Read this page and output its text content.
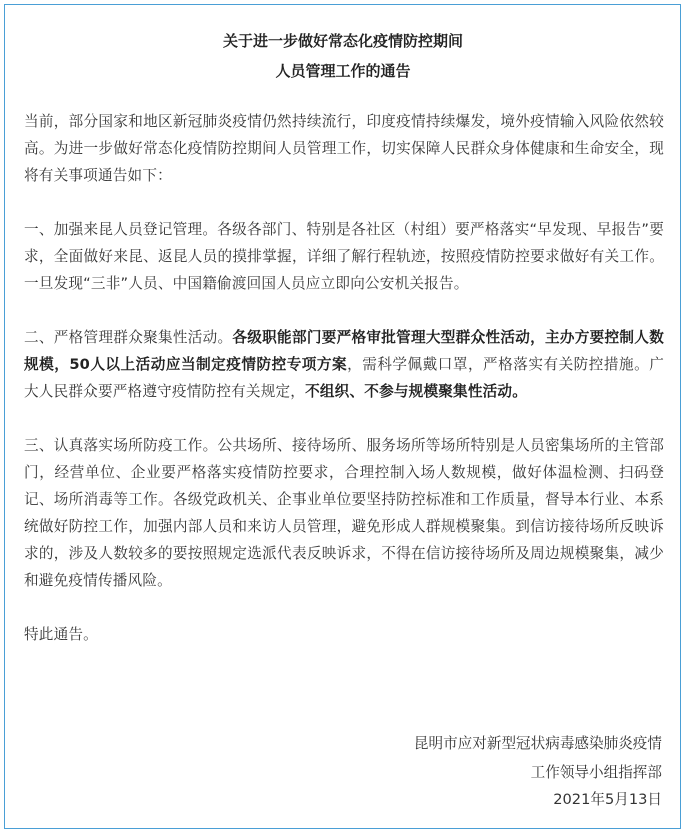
关于进一步做好常态化疫情防控期间
人员管理工作的通告

当前，部分国家和地区新冠肺炎疫情仍然持续流行，印度疫情持续爆发，境外疫情输入风险依然较高。为进一步做好常态化疫情防控期间人员管理工作，切实保障人民群众身体健康和生命安全，现将有关事项通告如下：

一、加强来昆人员登记管理。各级各部门、特别是各社区（村组）要严格落实“早发现、早报告”要求，全面做好来昆、返昆人员的摸排掌握，详细了解行程轨迹，按照疫情防控要求做好有关工作。一旦发现“三非”人员、中国籍偷渡回国人员应立即向公安机关报告。

二、严格管理群众聚集性活动。各级职能部门要严格审批管理大型群众性活动，主办方要控制人数规模，50人以上活动应当制定疫情防控专项方案，需科学佩戴口罩，严格落实有关防控措施。广大人民群众要严格遵守疫情防控有关规定，不组织、不参与规模聚集性活动。

三、认真落实场所防疫工作。公共场所、接待场所、服务场所等场所特别是人员密集场所的主管部门，经营单位、企业要严格落实疫情防控要求，合理控制入场人数规模，做好体温检测、扫码登记、场所消毒等工作。各级党政机关、企事业单位要坚持防控标准和工作质量，督导本行业、本系统做好防控工作，加强内部人员和来访人员管理，避免形成人群规模聚集。到信访接待场所反映诉求的，涉及人数较多的要按照规定选派代表反映诉求，不得在信访接待场所及周边规模聚集，减少和避免疫情传播风险。

特此通告。

昆明市应对新型冠状病毒感染肺炎疫情
工作领导小组指挥部
2021年5月13日
